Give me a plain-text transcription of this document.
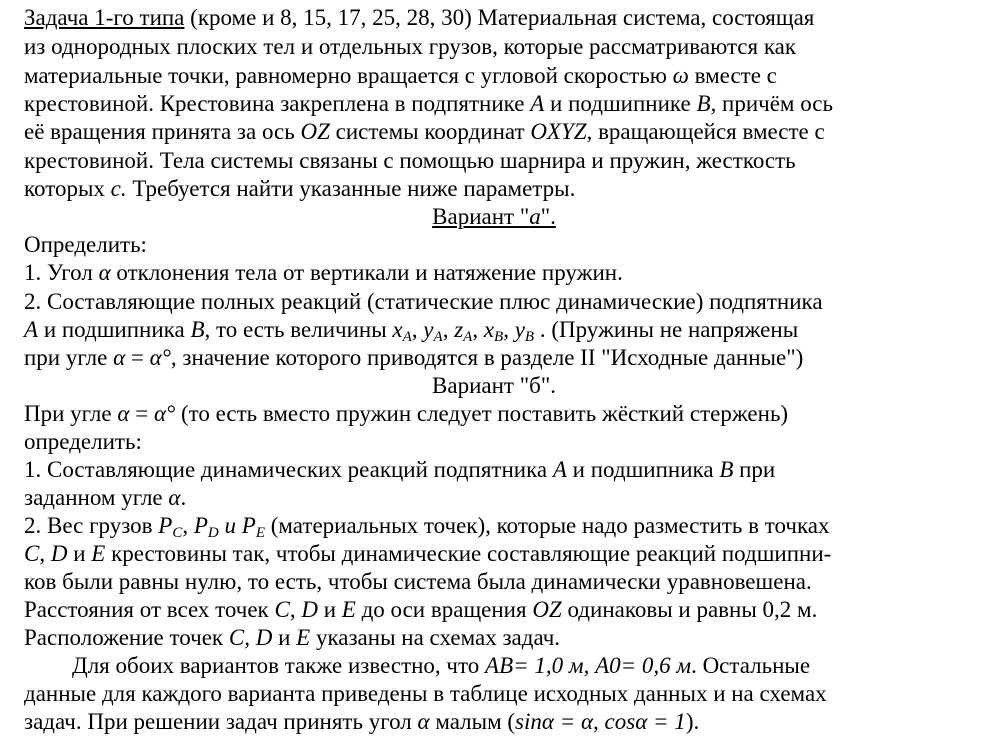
Задача 1-го типа (кроме и 8, 15, 17, 25, 28, 30) Материальная система, состоящая
из однородных плоских тел и отдельных грузов, которые рассматриваются как
материальные точки, равномерно вращается с угловой скоростью ω вместе с
крестовиной. Крестовина закреплена в подпятнике A и подшипнике B, причём ось
её вращения принята за ось OZ системы координат OXYZ, вращающейся вместе с
крестовиной. Тела системы связаны с помощью шарнира и пружин, жесткость
которых c. Требуется найти указанные ниже параметры.
Вариант "а".
Определить:
1. Угол α отклонения тела от вертикали и натяжение пружин.
2. Составляющие полных реакций (статические плюс динамические) подпятника
A и подшипника B, то есть величины $x_A$, $y_A$, $z_A$, $x_B$, $y_B$ . (Пружины не напряжены
при угле α = α°, значение которого приводятся в разделе II "Исходные данные")
Вариант "б".
При угле α = α° (то есть вместо пружин следует поставить жёсткий стержень)
определить:
1. Составляющие динамических реакций подпятника A и подшипника B при
заданном угле α.
2. Вес грузов $P_C$, $P_D$ и $P_E$ (материальных точек), которые надо разместить в точках
C, D и E крестовины так, чтобы динамические составляющие реакций подшипни-
ков были равны нулю, то есть, чтобы система была динамически уравновешена.
Расстояния от всех точек C, D и E до оси вращения OZ одинаковы и равны 0,2 м.
Расположение точек C, D и E указаны на схемах задач.
Для обоих вариантов также известно, что AB= 1,0 м, A0= 0,6 м. Остальные
данные для каждого варианта приведены в таблице исходных данных и на схемах
задач. При решении задач принять угол α малым (sinα = α, cosα = 1).
